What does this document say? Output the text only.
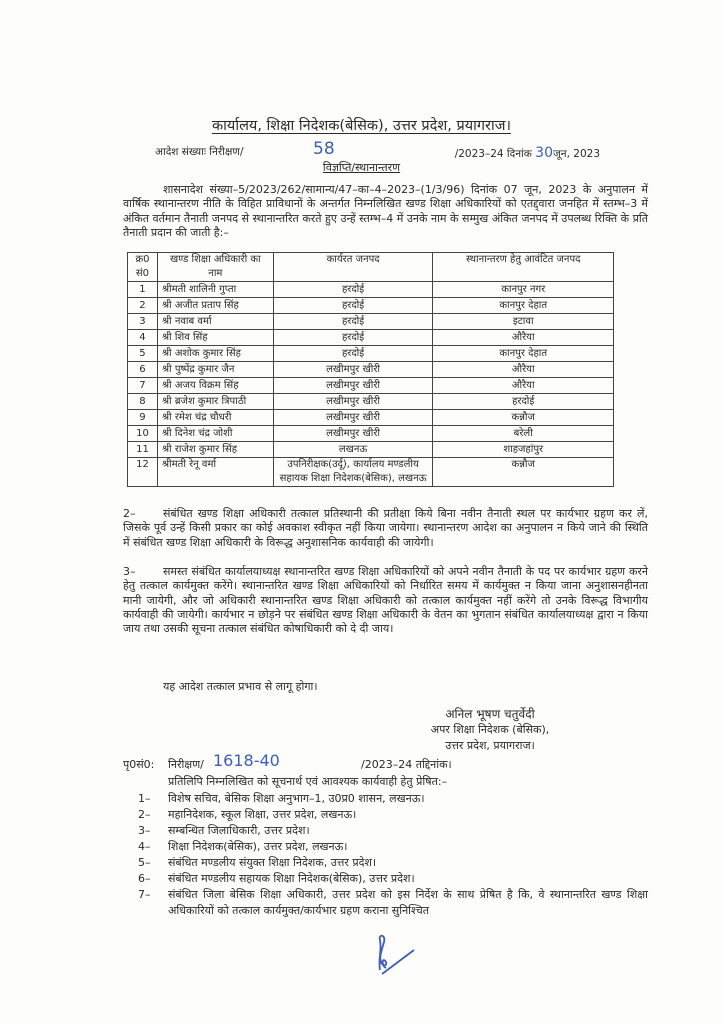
कार्यालय, शिक्षा निदेशक(बेसिक), उत्तर प्रदेश, प्रयागराज।
आदेश संख्याः निरीक्षण/	58	/2023–24 दिनांक 30जून, 2023
विज्ञप्ति/स्थानान्तरण
शासनादेश संख्या–5/2023/262/सामान्य/47–का–4–2023–(1/3/96) दिनांक 07 जून, 2023 के अनुपालन में वार्षिक स्थानान्तरण नीति के विहित प्राविधानों के अन्तर्गत निम्नलिखित खण्ड शिक्षा अधिकारियों को एतद्द्वारा जनहित में स्तम्भ–3 में अंकित वर्तमान तैनाती जनपद से स्थानान्तरित करते हुए उन्हें स्तम्भ–4 में उनके नाम के सम्मुख अंकित जनपद में उपलब्ध रिक्ति के प्रति तैनाती प्रदान की जाती है:–
क्र0 सं0	खण्ड शिक्षा अधिकारी का नाम	कार्यरत जनपद	स्थानान्तरण हेतु आवंटित जनपद
1	श्रीमती शालिनी गुप्ता	हरदोई	कानपुर नगर
2	श्री अजीत प्रताप सिंह	हरदोई	कानपुर देहात
3	श्री नवाब वर्मा	हरदोई	इटावा
4	श्री शिव सिंह	हरदोई	औरैया
5	श्री अशोक कुमार सिंह	हरदोई	कानपुर देहात
6	श्री पुष्पेंद्र कुमार जैन	लखीमपुर खीरी	औरैया
7	श्री अजय विक्रम सिंह	लखीमपुर खीरी	औरैया
8	श्री ब्रजेश कुमार त्रिपाठी	लखीमपुर खीरी	हरदोई
9	श्री रमेश चंद्र चौधरी	लखीमपुर खीरी	कन्नौज
10	श्री दिनेश चंद्र जोशी	लखीमपुर खीरी	बरेली
11	श्री राजेश कुमार सिंह	लखनऊ	शाहजहांपुर
12	श्रीमती रेनू वर्मा	उपनिरीक्षक(उर्दू), कार्यालय मण्डलीय सहायक शिक्षा निदेशक(बेसिक), लखनऊ	कन्नौज
2–	संबंधित खण्ड शिक्षा अधिकारी तत्काल प्रतिस्थानी की प्रतीक्षा किये बिना नवीन तैनाती स्थल पर कार्यभार ग्रहण कर लें, जिसके पूर्व उन्हें किसी प्रकार का कोई अवकाश स्वीकृत नहीं किया जायेगा। स्थानान्तरण आदेश का अनुपालन न किये जाने की स्थिति में संबंधित खण्ड शिक्षा अधिकारी के विरूद्ध अनुशासनिक कार्यवाही की जायेगी।
3–	समस्त संबंधित कार्यालयाध्यक्ष स्थानान्तरित खण्ड शिक्षा अधिकारियों को अपने नवीन तैनाती के पद पर कार्यभार ग्रहण करने हेतु तत्काल कार्यमुक्त करेंगे। स्थानान्तरित खण्ड शिक्षा अधिकारियों को निर्धारित समय में कार्यमुक्त न किया जाना अनुशासनहीनता मानी जायेगी, और जो अधिकारी स्थानान्तरित खण्ड शिक्षा अधिकारी को तत्काल कार्यमुक्त नहीं करेंगे तो उनके विरूद्ध विभागीय कार्यवाही की जायेगी। कार्यभार न छोड़ने पर संबंधित खण्ड शिक्षा अधिकारी के वेतन का भुगतान संबंधित कार्यालयाध्यक्ष द्वारा न किया जाय तथा उसकी सूचना तत्काल संबंधित कोषाधिकारी को दे दी जाय।
यह आदेश तत्काल प्रभाव से लागू होगा।
अनिल भूषण चतुर्वेदी
अपर शिक्षा निदेशक (बेसिक),
उत्तर प्रदेश, प्रयागराज।
पृ0सं0: निरीक्षण/ 1618-40	/2023–24 तद्दिनांक।
प्रतिलिपि निम्नलिखित को सूचनार्थ एवं आवश्यक कार्यवाही हेतु प्रेषित:–
1–	विशेष सचिव, बेसिक शिक्षा अनुभाग–1, उ0प्र0 शासन, लखनऊ।
2–	महानिदेशक, स्कूल शिक्षा, उत्तर प्रदेश, लखनऊ।
3–	सम्बन्धित जिलाधिकारी, उत्तर प्रदेश।
4–	शिक्षा निदेशक(बेसिक), उत्तर प्रदेश, लखनऊ।
5–	संबंधित मण्डलीय संयुक्त शिक्षा निदेशक, उत्तर प्रदेश।
6–	संबंधित मण्डलीय सहायक शिक्षा निदेशक(बेसिक), उत्तर प्रदेश।
7–	संबंधित जिला बेसिक शिक्षा अधिकारी, उत्तर प्रदेश को इस निर्देश के साथ प्रेषित है कि, वे स्थानान्तरित खण्ड शिक्षा अधिकारियों को तत्काल कार्यमुक्त/कार्यभार ग्रहण कराना सुनिश्चित
